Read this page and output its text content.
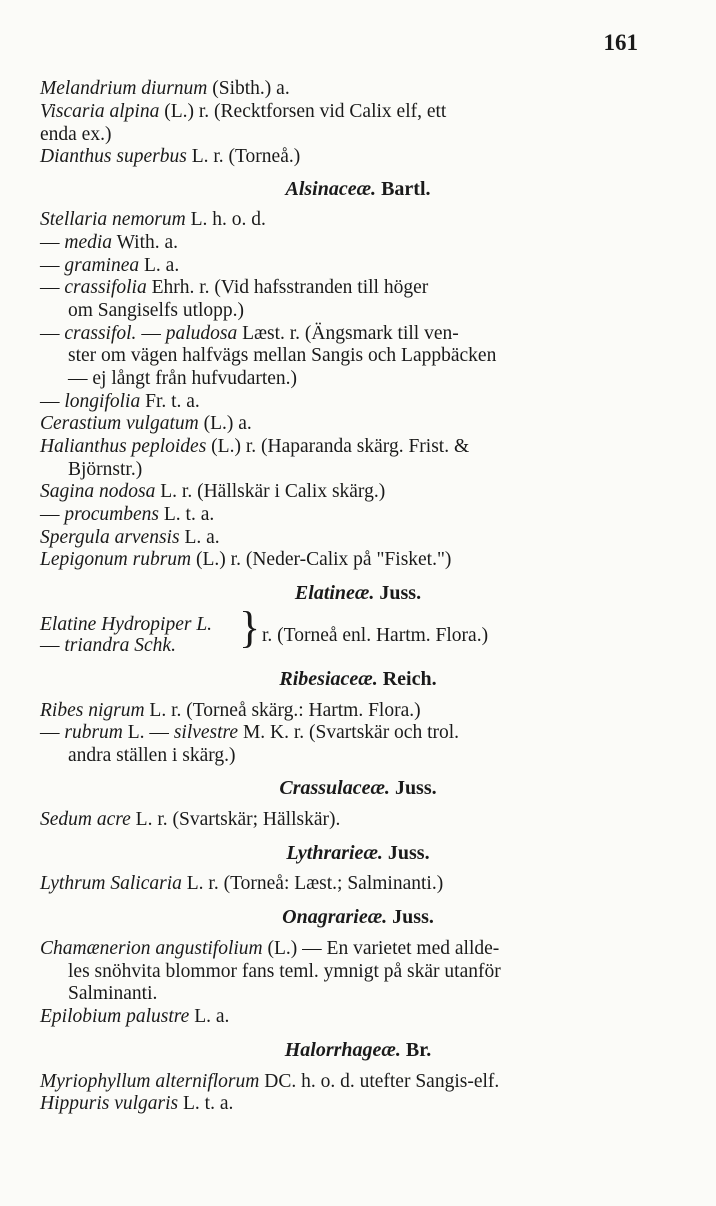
161
Melandrium diurnum (Sibth.) a.
Viscaria alpina (L.) r. (Recktforsen vid Calix elf, ett
enda ex.)
Dianthus superbus L. r. (Torneå.)
Alsinaceæ. Bartl.
Stellaria nemorum L. h. o. d.
— media With. a.
— graminea L. a.
— crassifolia Ehrh. r. (Vid hafsstranden till höger
om Sangiselfs utlopp.)
— crassifol. — paludosa Læst. r. (Ängsmark till ven-
ster om vägen halfvägs mellan Sangis och Lappbäcken
— ej långt från hufvudarten.)
— longifolia Fr. t. a.
Cerastium vulgatum (L.) a.
Halianthus peploides (L.) r. (Haparanda skärg. Frist. &
Björnstr.)
Sagina nodosa L. r. (Hällskär i Calix skärg.)
— procumbens L. t. a.
Spergula arvensis L. a.
Lepigonum rubrum (L.) r. (Neder-Calix på "Fisket.")
Elatineæ. Juss.
Elatine Hydropiper L.
— triandra Schk.	} r. (Torneå enl. Hartm. Flora.)
Ribesiaceæ. Reich.
Ribes nigrum L. r. (Torneå skärg.: Hartm. Flora.)
— rubrum L. — silvestre M. K. r. (Svartskär och trol.
andra ställen i skärg.)
Crassulaceæ. Juss.
Sedum acre L. r. (Svartskär; Hällskär).
Lythrarieæ. Juss.
Lythrum Salicaria L. r. (Torneå: Læst.; Salminanti.)
Onagrarieæ. Juss.
Chamænerion angustifolium (L.) — En varietet med allde-
les snöhvita blommor fans teml. ymnigt på skär utanför
Salminanti.
Epilobium palustre L. a.
Halorrhageæ. Br.
Myriophyllum alterniflorum DC. h. o. d. utefter Sangis-elf.
Hippuris vulgaris L. t. a.
